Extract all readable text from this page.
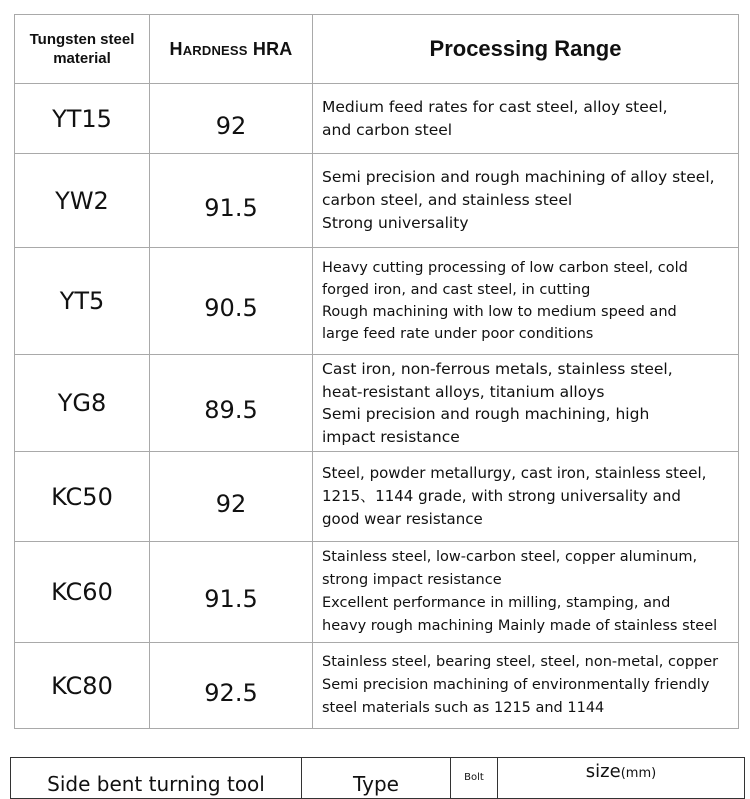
Tungsten steel
material	Hardness HRA	Processing Range
YT15	92	Medium feed rates for cast steel, alloy steel,
and carbon steel

YW2	91.5	Semi precision and rough machining of alloy steel,
carbon steel, and stainless steel
Strong universality

YT5	90.5	Heavy cutting processing of low carbon steel, cold
forged iron, and cast steel, in cutting
Rough machining with low to medium speed and
large feed rate under poor conditions

YG8	89.5	Cast iron, non-ferrous metals, stainless steel,
heat-resistant alloys, titanium alloys
Semi precision and rough machining, high
impact resistance

KC50	92	Steel, powder metallurgy, cast iron, stainless steel,
1215、1144 grade, with strong universality and
good wear resistance

KC60	91.5	Stainless steel, low-carbon steel, copper aluminum,
strong impact resistance
Excellent performance in milling, stamping, and
heavy rough machining Mainly made of stainless steel

KC80	92.5	Stainless steel, bearing steel, steel, non-metal, copper
Semi precision machining of environmentally friendly
steel materials such as 1215 and 1144
Side bent turning tool	Type	Bolt	size(mm)
